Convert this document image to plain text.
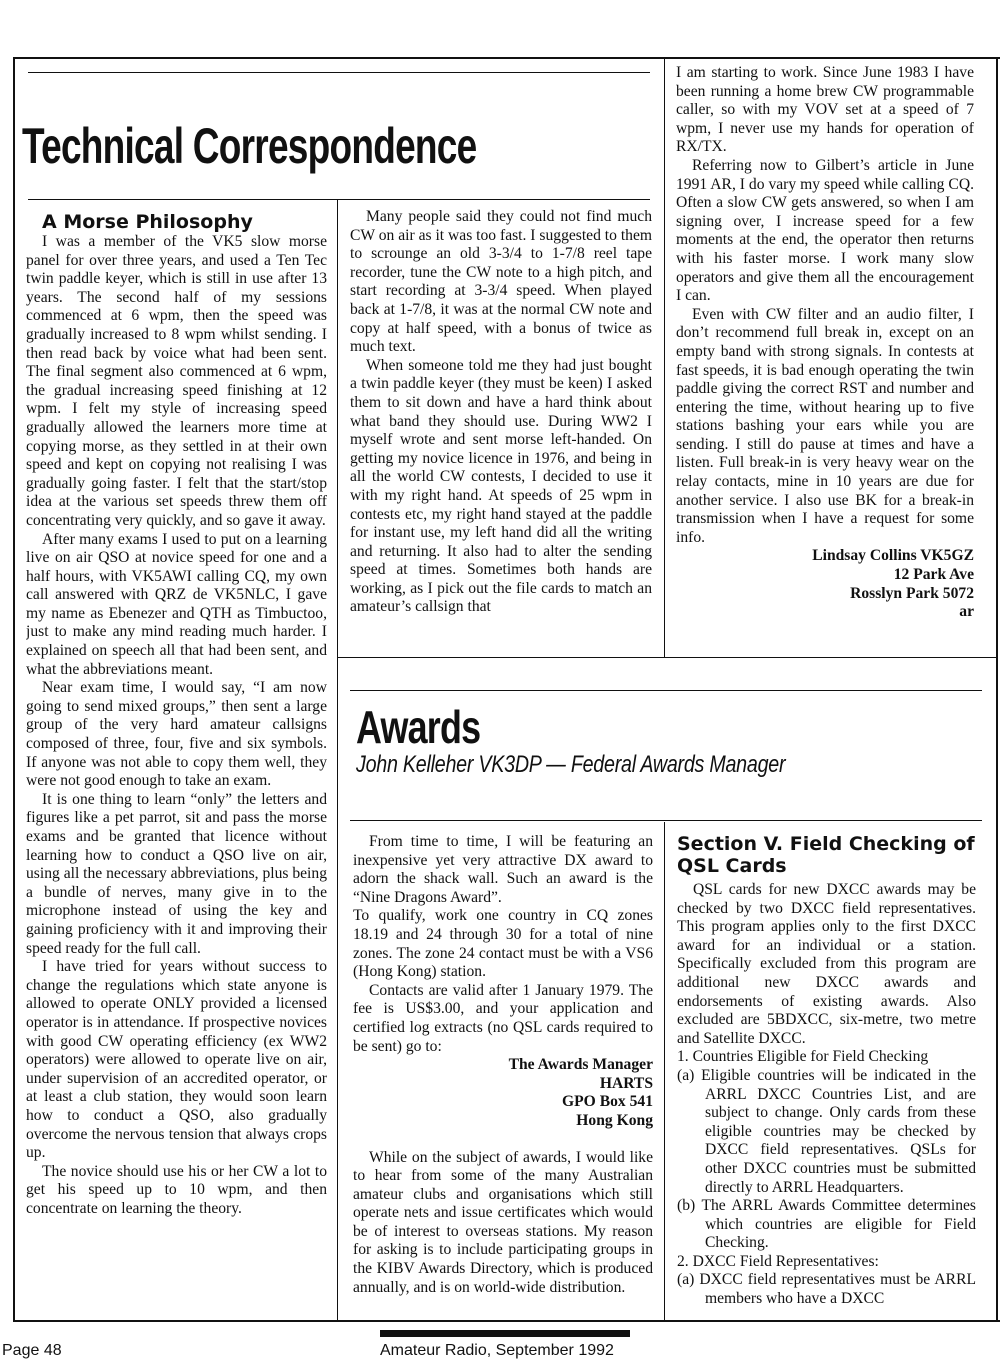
Technical Correspondence

A Morse Philosophy

I was a member of the VK5 slow morse panel for over three years, and used a Ten Tec twin paddle keyer, which is still in use after 13 years. The second half of my sessions commenced at 6 wpm, then the speed was gradually increased to 8 wpm whilst sending. I then read back by voice what had been sent. The final segment also commenced at 6 wpm, the gradual increasing speed finishing at 12 wpm. I felt my style of increasing speed gradually allowed the learners more time at copying morse, as they settled in at their own speed and kept on copying not realising I was gradually going faster. I felt that the start/stop idea at the various set speeds threw them off concentrating very quickly, and so gave it away.

After many exams I used to put on a learning live on air QSO at novice speed for one and a half hours, with VK5AWI calling CQ, my own call answered with QRZ de VK5NLC, I gave my name as Ebenezer and QTH as Timbuctoo, just to make any mind reading much harder. I explained on speech all that had been sent, and what the abbreviations meant.

Near exam time, I would say, “I am now going to send mixed groups,” then sent a large group of the very hard amateur callsigns composed of three, four, five and six symbols. If anyone was not able to copy them well, they were not good enough to take an exam.

It is one thing to learn “only” the letters and figures like a pet parrot, sit and pass the morse exams and be granted that licence without learning how to conduct a QSO live on air, using all the necessary abbreviations, plus being a bundle of nerves, many give in to the microphone instead of using the key and gaining proficiency with it and improving their speed ready for the full call.

I have tried for years without success to change the regulations which state anyone is allowed to operate ONLY provided a licensed operator is in attendance. If prospective novices with good CW operating efficiency (ex WW2 operators) were allowed to operate live on air, under supervision of an accredited operator, or at least a club station, they would soon learn how to conduct a QSO, also gradually overcome the nervous tension that always crops up.

The novice should use his or her CW a lot to get his speed up to 10 wpm, and then concentrate on learning the theory.

Many people said they could not find much CW on air as it was too fast. I suggested to them to scrounge an old 3-3/4 to 1-7/8 reel tape recorder, tune the CW note to a high pitch, and start recording at 3-3/4 speed. When played back at 1-7/8, it was at the normal CW note and copy at half speed, with a bonus of twice as much text.

When someone told me they had just bought a twin paddle keyer (they must be keen) I asked them to sit down and have a hard think about what band they should use. During WW2 I myself wrote and sent morse left-handed. On getting my novice licence in 1976, and being in all the world CW contests, I decided to use it with my right hand. At speeds of 25 wpm in contests etc, my right hand stayed at the paddle for instant use, my left hand did all the writing and returning. It also had to alter the sending speed at times. Sometimes both hands are working, as I pick out the file cards to match an amateur’s callsign that

I am starting to work. Since June 1983 I have been running a home brew CW programmable caller, so with my VOV set at a speed of 7 wpm, I never use my hands for operation of RX/TX.

Referring now to Gilbert’s article in June 1991 AR, I do vary my speed while calling CQ. Often a slow CW gets answered, so when I am signing over, I increase speed for a few moments at the end, the operator then returns with his faster morse. I work many slow operators and give them all the encouragement I can.

Even with CW filter and an audio filter, I don’t recommend full break in, except on an empty band with strong signals. In contests at fast speeds, it is bad enough operating the twin paddle giving the correct RST and number and entering the time, without hearing up to five stations bashing your ears while you are sending. I still do pause at times and have a listen. Full break-in is very heavy wear on the relay contacts, mine in 10 years are due for another service. I also use BK for a break-in transmission when I have a request for some info.

Lindsay Collins VK5GZ
12 Park Ave
Rosslyn Park 5072
ar
Awards
John Kelleher VK3DP — Federal Awards Manager

From time to time, I will be featuring an inexpensive yet very attractive DX award to adorn the shack wall. Such an award is the “Nine Dragons Award”.

To qualify, work one country in CQ zones 18.19 and 24 through 30 for a total of nine zones. The zone 24 contact must be with a VS6 (Hong Kong) station.

Contacts are valid after 1 January 1979. The fee is US$3.00, and your application and certified log extracts (no QSL cards required to be sent) go to:

The Awards Manager
HARTS
GPO Box 541
Hong Kong

While on the subject of awards, I would like to hear from some of the many Australian amateur clubs and organisations which still operate nets and issue certificates which would be of interest to overseas stations. My reason for asking is to include participating groups in the KIBV Awards Directory, which is produced annually, and is on world-wide distribution.

Section V. Field Checking of QSL Cards

QSL cards for new DXCC awards may be checked by two DXCC field representatives. This program applies only to the first DXCC award for an individual or a station. Specifically excluded from this program are additional new DXCC awards and endorsements of existing awards. Also excluded are 5BDXCC, six-metre, two metre and Satellite DXCC.

1. Countries Eligible for Field Checking

(a) Eligible countries will be indicated in the ARRL DXCC Countries List, and are subject to change. Only cards from these eligible countries may be checked by DXCC field representatives. QSLs for other DXCC countries must be submitted directly to ARRL Headquarters.

(b) The ARRL Awards Committee determines which countries are eligible for Field Checking.

2. DXCC Field Representatives:

(a) DXCC field representatives must be ARRL members who have a DXCC

Page 48	Amateur Radio, September 1992
